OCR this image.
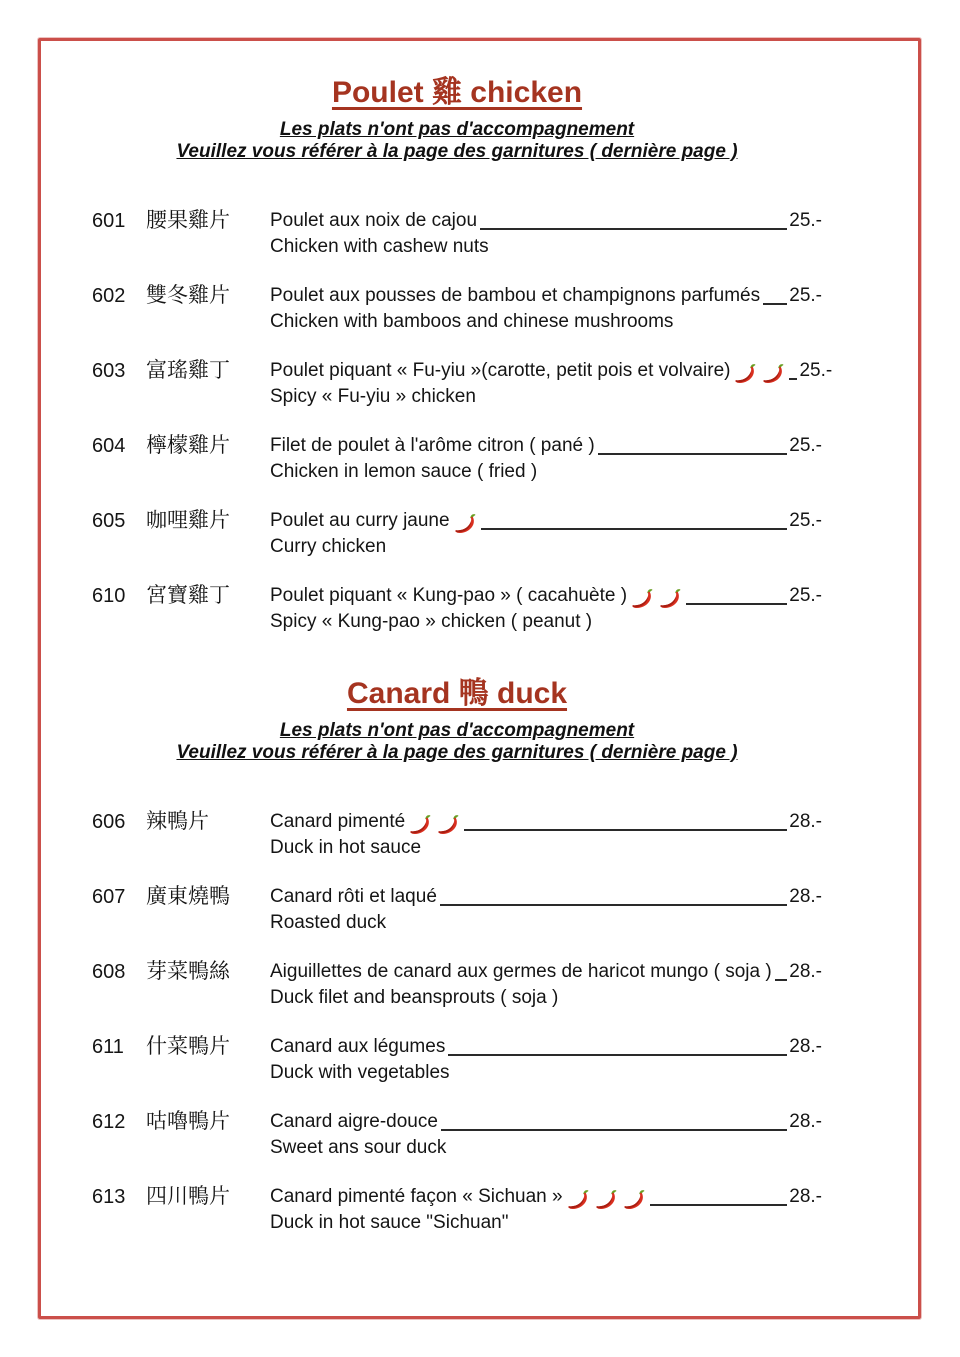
Poulet 雞 chicken
Les plats n'ont pas d'accompagnement
Veuillez vous référer à la page des garnitures ( dernière page )
601 腰果雞片	Poulet aux noix de cajou	25.-
Chicken with cashew nuts
602 雙冬雞片	Poulet aux pousses de bambou et champignons parfumés 25.-
Chicken with bamboos and chinese mushrooms
603 富瑤雞丁	Poulet piquant « Fu-yiu »(carotte, petit pois et volvaire)	25.-
Spicy « Fu-yiu » chicken
604 檸檬雞片	Filet de poulet à l'arôme citron ( pané )	25.-
Chicken in lemon sauce ( fried )
605 咖哩雞片	Poulet au curry jaune	25.-
Curry chicken
610 宮寶雞丁	Poulet piquant « Kung-pao » ( cacahuète )	25.-
Spicy « Kung-pao » chicken ( peanut )
Canard 鴨 duck
Les plats n'ont pas d'accompagnement
Veuillez vous référer à la page des garnitures ( dernière page )
606 辣鴨片	Canard pimenté	28.-
Duck in hot sauce
607 廣東燒鴨	Canard rôti et laqué	28.-
Roasted duck
608 芽菜鴨絲	Aiguillettes de canard aux germes de haricot mungo ( soja ) 28.-
Duck filet and beansprouts ( soja )
611	什菜鴨片	Canard aux légumes	28.-
Duck with vegetables
612 咕嚕鴨片	Canard aigre-douce	28.-
Sweet ans sour duck
613 四川鴨片	Canard pimenté façon « Sichuan »	28.-
Duck in hot sauce "Sichuan"
